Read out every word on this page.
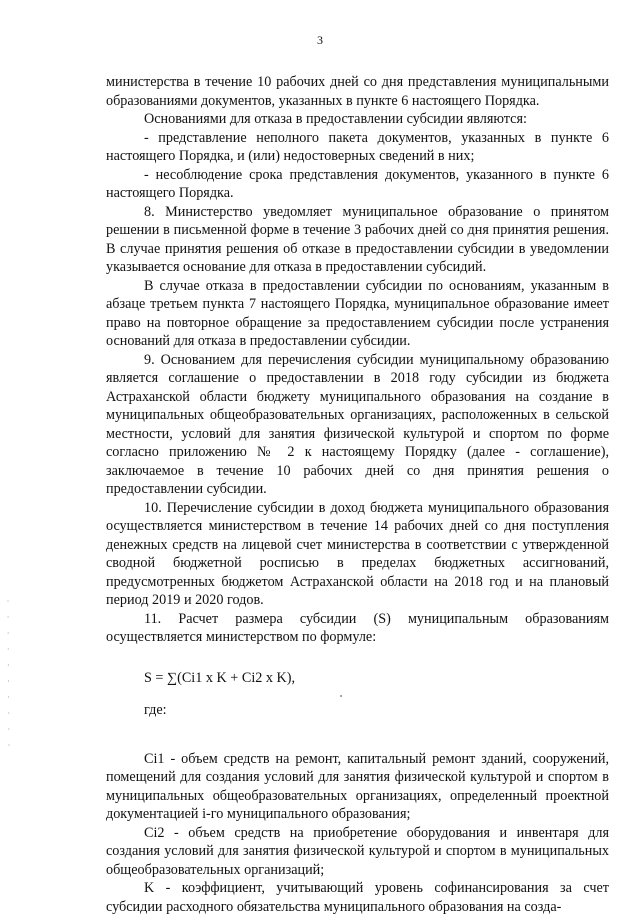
3

министерства в течение 10 рабочих дней со дня представления муниципальными образованиями документов, указанных в пункте 6 настоящего Порядка.

Основаниями для отказа в предоставлении субсидии являются:

- представление неполного пакета документов, указанных в пункте 6 настоящего Порядка, и (или) недостоверных сведений в них;

- несоблюдение срока представления документов, указанного в пункте 6 настоящего Порядка.

8. Министерство уведомляет муниципальное образование о принятом решении в письменной форме в течение 3 рабочих дней со дня принятия решения. В случае принятия решения об отказе в предоставлении субсидии в уведомлении указывается основание для отказа в предоставлении субсидий.

В случае отказа в предоставлении субсидии по основаниям, указанным в абзаце третьем пункта 7 настоящего Порядка, муниципальное образование имеет право на повторное обращение за предоставлением субсидии после устранения оснований для отказа в предоставлении субсидии.

9. Основанием для перечисления субсидии муниципальному образованию является соглашение о предоставлении в 2018 году субсидии из бюджета Астраханской области бюджету муниципального образования на создание в муниципальных общеобразовательных организациях, расположенных в сельской местности, условий для занятия физической культурой и спортом по форме согласно приложению № 2 к настоящему Порядку (далее - соглашение), заключаемое в течение 10 рабочих дней со дня принятия решения о предоставлении субсидии.

10. Перечисление субсидии в доход бюджета муниципального образования осуществляется министерством в течение 14 рабочих дней со дня поступления денежных средств на лицевой счет министерства в соответствии с утвержденной сводной бюджетной росписью в пределах бюджетных ассигнований, предусмотренных бюджетом Астраханской области на 2018 год и на плановый период 2019 и 2020 годов.

11. Расчет размера субсидии (S) муниципальным образованиям осуществляется министерством по формуле:

S = ∑(Ci1 x K + Ci2 x K),

где:

Ci1 - объем средств на ремонт, капитальный ремонт зданий, сооружений, помещений для создания условий для занятия физической культурой и спортом в муниципальных общеобразовательных организациях, определенный проектной документацией i-го муниципального образования;

Ci2 - объем средств на приобретение оборудования и инвентаря для создания условий для занятия физической культурой и спортом в муниципальных общеобразовательных организаций;

K - коэффициент, учитывающий уровень софинансирования за счет субсидии расходного обязательства муниципального образования на созда-
